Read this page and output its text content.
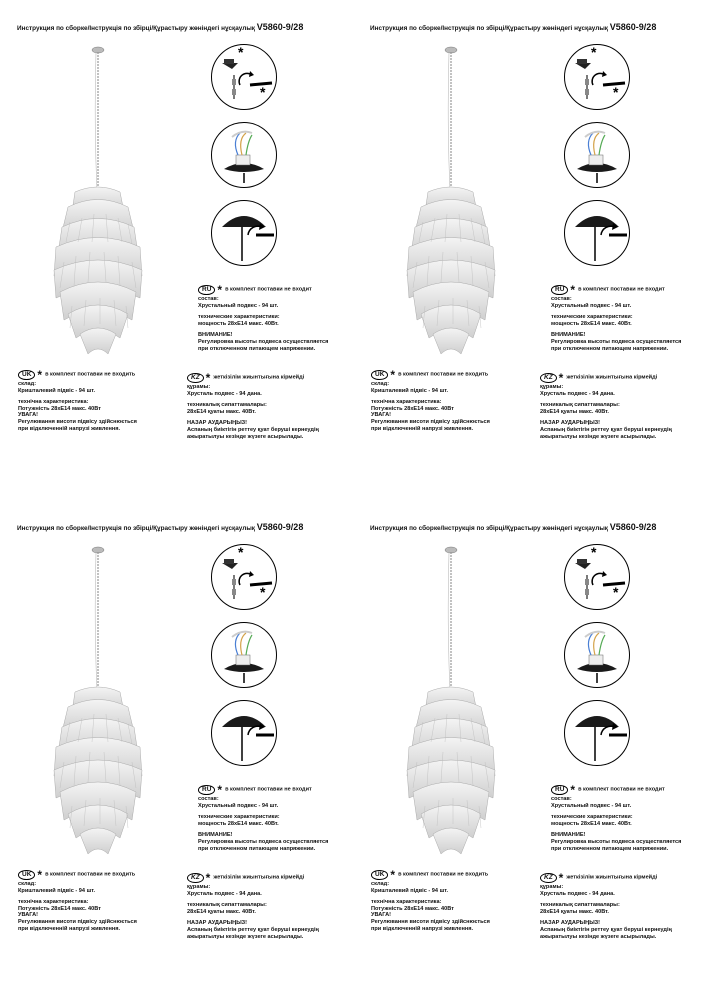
Инструкция по сборке/Інструкція по збірці/Құрастыру жөніндегі нұсқаулық V5860-9/28
*
*
RU * в комплект поставки не входит

состав:

Хрустальный подвес - 94 шт.

технические характеристики:

мощность 28xE14 макс. 40Вт.

ВНИМАНИЕ!

Регулировка высоты подвеса осуществляется

при отключенном питающем напряжении.

UK * в комплект поставки не входить

склад:

Кришталевий підвіс - 94 шт.

технічна характеристика:

Потужність 28xE14 макс. 40Вт

УВАГА!

Регулювання висоти підвісу здійснюється

при відключенній напрузі живлення.

KZ * жеткізілім жиынтығына кірмейді

құрамы:

Хрусталь подвес - 94 дана.

техникалық сипаттамалары:

28xE14 қуаты макс. 40Вт.

НАЗАР АУДАРЫҢЫЗ!

Аспаның биіктігін реттеу қуат беруші кернеудің

ажыратылуы кезінде жүзеге асырылады.

Инструкция по сборке/Інструкція по збірці/Құрастыру жөніндегі нұсқаулық V5860-9/28
*
*
RU * в комплект поставки не входит

состав:

Хрустальный подвес - 94 шт.

технические характеристики:

мощность 28xE14 макс. 40Вт.

ВНИМАНИЕ!

Регулировка высоты подвеса осуществляется

при отключенном питающем напряжении.

UK * в комплект поставки не входить

склад:

Кришталевий підвіс - 94 шт.

технічна характеристика:

Потужність 28xE14 макс. 40Вт

УВАГА!

Регулювання висоти підвісу здійснюється

при відключенній напрузі живлення.

KZ * жеткізілім жиынтығына кірмейді

құрамы:

Хрусталь подвес - 94 дана.

техникалық сипаттамалары:

28xE14 қуаты макс. 40Вт.

НАЗАР АУДАРЫҢЫЗ!

Аспаның биіктігін реттеу қуат беруші кернеудің

ажыратылуы кезінде жүзеге асырылады.

Инструкция по сборке/Інструкція по збірці/Құрастыру жөніндегі нұсқаулық V5860-9/28
*
*
RU * в комплект поставки не входит

состав:

Хрустальный подвес - 94 шт.

технические характеристики:

мощность 28xE14 макс. 40Вт.

ВНИМАНИЕ!

Регулировка высоты подвеса осуществляется

при отключенном питающем напряжении.

UK * в комплект поставки не входить

склад:

Кришталевий підвіс - 94 шт.

технічна характеристика:

Потужність 28xE14 макс. 40Вт

УВАГА!

Регулювання висоти підвісу здійснюється

при відключенній напрузі живлення.

KZ * жеткізілім жиынтығына кірмейді

құрамы:

Хрусталь подвес - 94 дана.

техникалық сипаттамалары:

28xE14 қуаты макс. 40Вт.

НАЗАР АУДАРЫҢЫЗ!

Аспаның биіктігін реттеу қуат беруші кернеудің

ажыратылуы кезінде жүзеге асырылады.

Инструкция по сборке/Інструкція по збірці/Құрастыру жөніндегі нұсқаулық V5860-9/28
*
*
RU * в комплект поставки не входит

состав:

Хрустальный подвес - 94 шт.

технические характеристики:

мощность 28xE14 макс. 40Вт.

ВНИМАНИЕ!

Регулировка высоты подвеса осуществляется

при отключенном питающем напряжении.

UK * в комплект поставки не входить

склад:

Кришталевий підвіс - 94 шт.

технічна характеристика:

Потужність 28xE14 макс. 40Вт

УВАГА!

Регулювання висоти підвісу здійснюється

при відключенній напрузі живлення.

KZ * жеткізілім жиынтығына кірмейді

құрамы:

Хрусталь подвес - 94 дана.

техникалық сипаттамалары:

28xE14 қуаты макс. 40Вт.

НАЗАР АУДАРЫҢЫЗ!

Аспаның биіктігін реттеу қуат беруші кернеудің

ажыратылуы кезінде жүзеге асырылады.
